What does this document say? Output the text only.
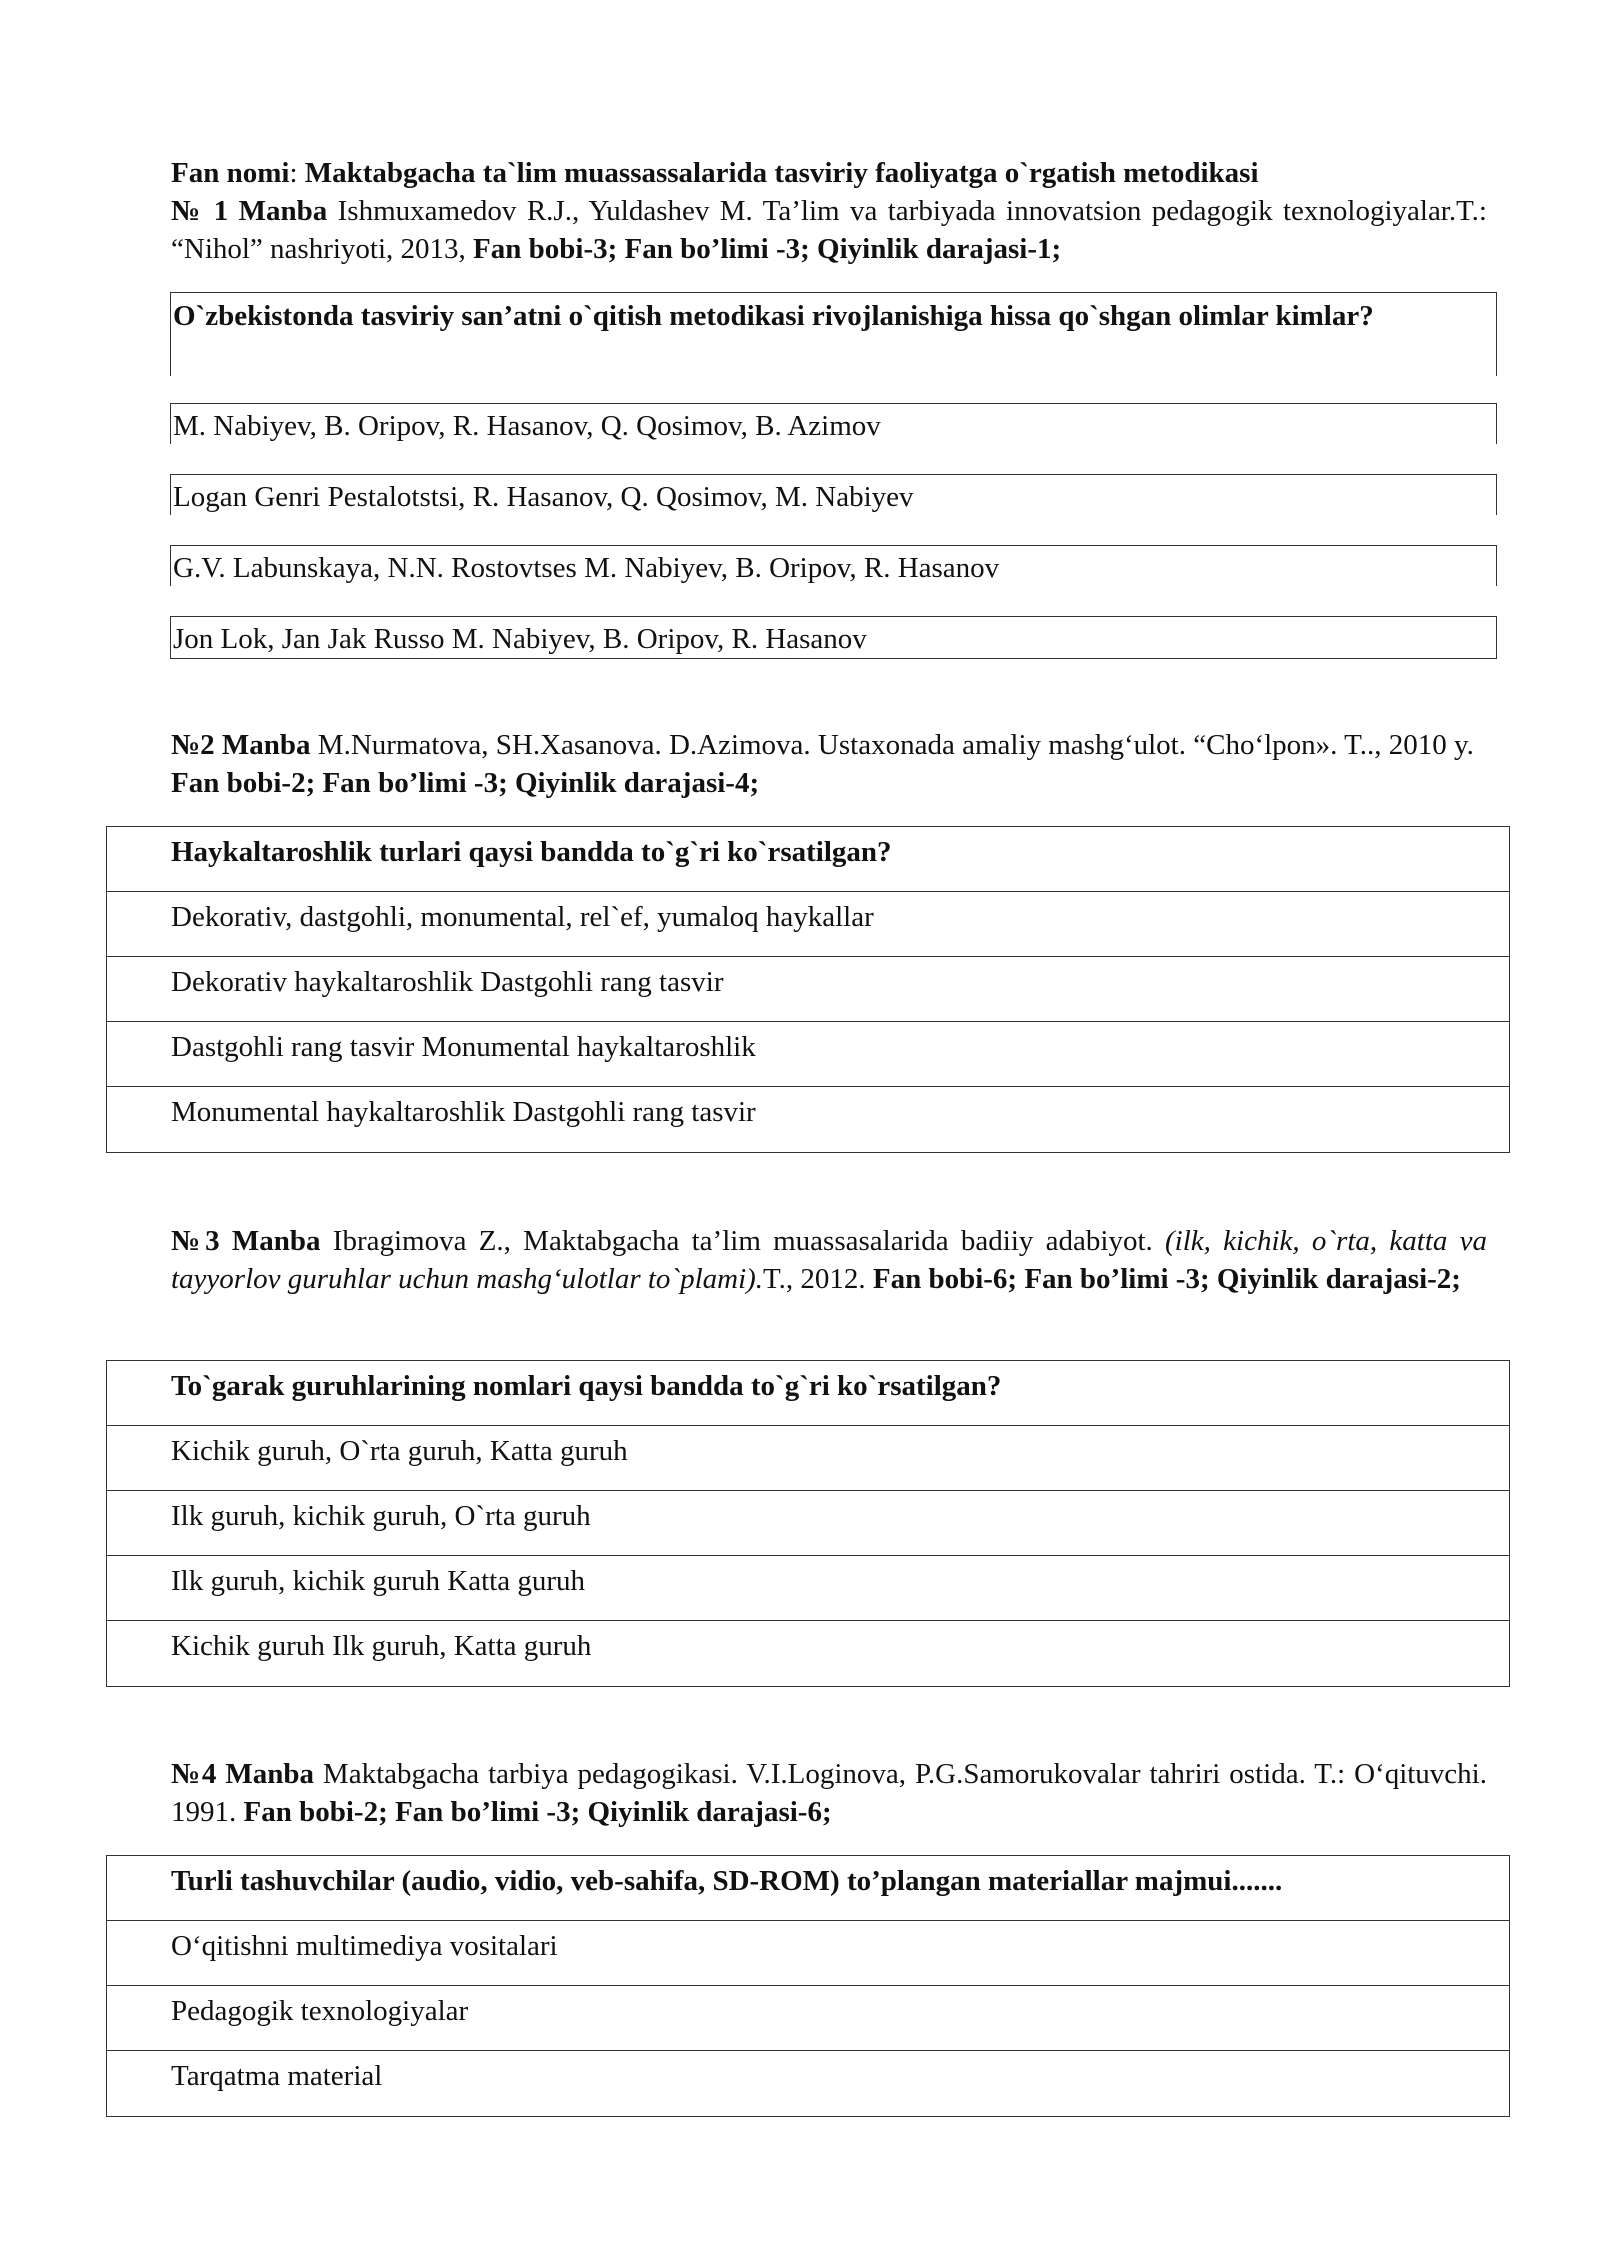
Fan nomi: Maktabgacha ta`lim muassassalarida tasviriy faoliyatga o`rgatish metodikasi
№ 1 Manba Ishmuxamedov R.J., Yuldashev M. Ta’lim va tarbiyada innovatsion pedagogik texnologiyalar.T.: “Nihol” nashriyoti, 2013, Fan bobi-3; Fan bo’limi -3; Qiyinlik darajasi-1;
O`zbekistonda tasviriy san’atni o`qitish metodikasi rivojlanishiga hissa qo`shgan olimlar kimlar?
M. Nabiyev, B. Oripov, R. Hasanov, Q. Qosimov, B. Azimov
Logan Genri Pestalotstsi, R. Hasanov, Q. Qosimov, M. Nabiyev
G.V. Labunskaya, N.N. Rostovtses M. Nabiyev, B. Oripov, R. Hasanov
Jon Lok, Jan Jak Russo M. Nabiyev, B. Oripov, R. Hasanov
№2 Manba M.Nurmatova, SH.Xasanova. D.Azimova. Ustaxonada amaliy mashg‘ulot. “Cho‘lpon». T.., 2010 y. Fan bobi-2; Fan bo’limi -3; Qiyinlik darajasi-4;
Haykaltaroshlik turlari qaysi bandda to`g`ri ko`rsatilgan?
Dekorativ, dastgohli, monumental, rel`ef, yumaloq haykallar
Dekorativ haykaltaroshlik Dastgohli rang tasvir
Dastgohli rang tasvir Monumental haykaltaroshlik
Monumental haykaltaroshlik Dastgohli rang tasvir
№3 Manba Ibragimova Z., Maktabgacha ta’lim muassasalarida badiiy adabiyot. (ilk, kichik, o`rta, katta va tayyorlov guruhlar uchun mashg‘ulotlar to`plami).T., 2012. Fan bobi-6; Fan bo’limi -3; Qiyinlik darajasi-2;
To`garak guruhlarining nomlari qaysi bandda to`g`ri ko`rsatilgan?
Kichik guruh, O`rta guruh, Katta guruh
Ilk guruh, kichik guruh, O`rta guruh
Ilk guruh, kichik guruh Katta guruh
Kichik guruh Ilk guruh, Katta guruh
№4 Manba Maktabgacha tarbiya pedagogikasi. V.I.Loginova, P.G.Samorukovalar tahriri ostida. T.: O‘qituvchi. 1991. Fan bobi-2; Fan bo’limi -3; Qiyinlik darajasi-6;
Turli tashuvchilar (audio, vidio, veb-sahifa, SD-ROM) to’plangan materiallar majmui.......
O‘qitishni multimediya vositalari
Pedagogik texnologiyalar
Tarqatma material
